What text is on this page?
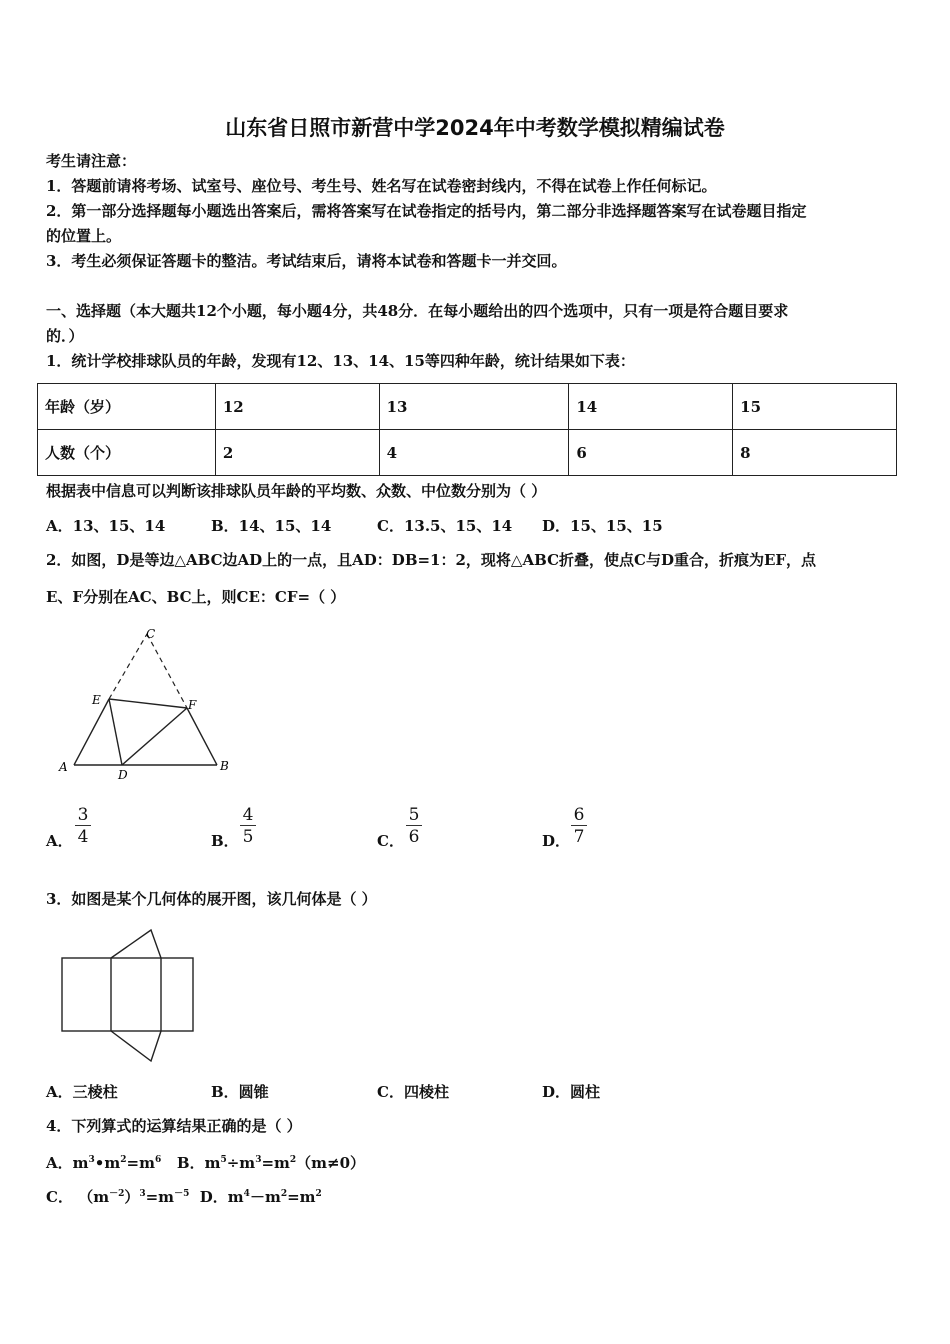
山东省日照市新营中学2024年中考数学模拟精编试卷
考生请注意：
1．答题前请将考场、试室号、座位号、考生号、姓名写在试卷密封线内，不得在试卷上作任何标记。
2．第一部分选择题每小题选出答案后，需将答案写在试卷指定的括号内，第二部分非选择题答案写在试卷题目指定
的位置上。
3．考生必须保证答题卡的整洁。考试结束后，请将本试卷和答题卡一并交回。
一、选择题（本大题共12个小题，每小题4分，共48分．在每小题给出的四个选项中，只有一项是符合题目要求
的．）
1．统计学校排球队员的年龄，发现有12、13、14、15等四种年龄，统计结果如下表：
年龄（岁）	12	13	14	15
人数（个）	2	4	6	8
根据表中信息可以判断该排球队员年龄的平均数、众数、中位数分别为（ ）
A．13、15、14	B．14、15、14	C．13.5、15、14 D．15、15、15
2．如图，D是等边△ABC边AD上的一点，且AD：DB=1：2，现将△ABC折叠，使点C与D重合，折痕为EF，点
E、F分别在AC、BC上，则CE：CF=（ ）
A	B
C
D
E	F
A． $\frac{3}{4}$	B． $\frac{4}{5}$	C． $\frac{5}{6}$	D． $\frac{6}{7}$
3．如图是某个几何体的展开图，该几何体是（ ）
A．三棱柱	B．圆锥	C．四棱柱	D．圆柱
4．下列算式的运算结果正确的是（ ）
A．$m^3•m^2=m^6$ B．$m^5\div m^3=m^2(m\ne 0)$
C． $(m^{-2})^3=m^{-5}$ D．$m^4-m^2=m^2$
